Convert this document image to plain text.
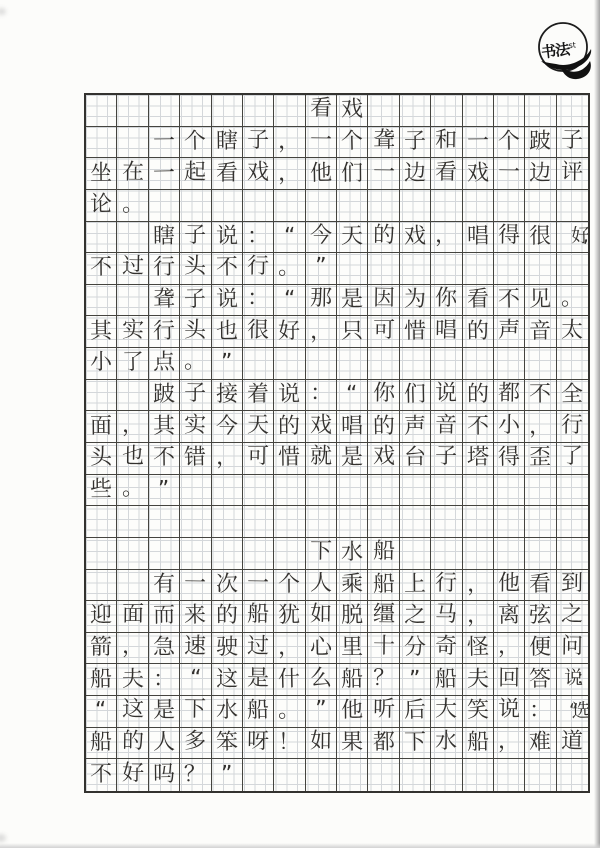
书法$^{st}$
看 戏
一 个 瞎 子 ， 一 个 聋 子 和 一 个 跛 子
坐 在 一 起 看 戏 ， 他 们 一 边 看 戏 一 边 评
论 。
瞎 子 说 ： “ 今 天 的 戏 ， 唱 得 很 好,
不 过 行 头 不 行 。 ”
聋 子 说 ： “ 那 是 因 为 你 看 不 见 。
其 实 行 头 也 很 好 ， 只 可 惜 唱 的 声 音 太
小 了 点 。 ”
跛 子 接 着 说 ： “ 你 们 说 的 都 不 全
面 ， 其 实 今 天 的 戏 唱 的 声 音 不 小 ， 行
头 也 不 错 ， 可 惜 就 是 戏 台 子 塔 得 歪 了
些 。 ”
下 水 船
有 一 次 一 个 人 乘 船 上 行 ， 他 看 到
迎 面 而 来 的 船 犹 如 脱 缰 之 马 ， 离 弦 之
箭 ， 急 速 驶 过 ， 心 里 十 分 奇 怪 ， 便 问
船 夫 ： “ 这 是 什 么 船 ？ ” 船 夫 回 答 说：
“ 这 是 下 水 船 。 ” 他 听 后 大 笑 说 ： “选
船 的 人 多 笨 呀 ！ 如 果 都 下 水 船 ， 难 道
不 好 吗 ？ ”
